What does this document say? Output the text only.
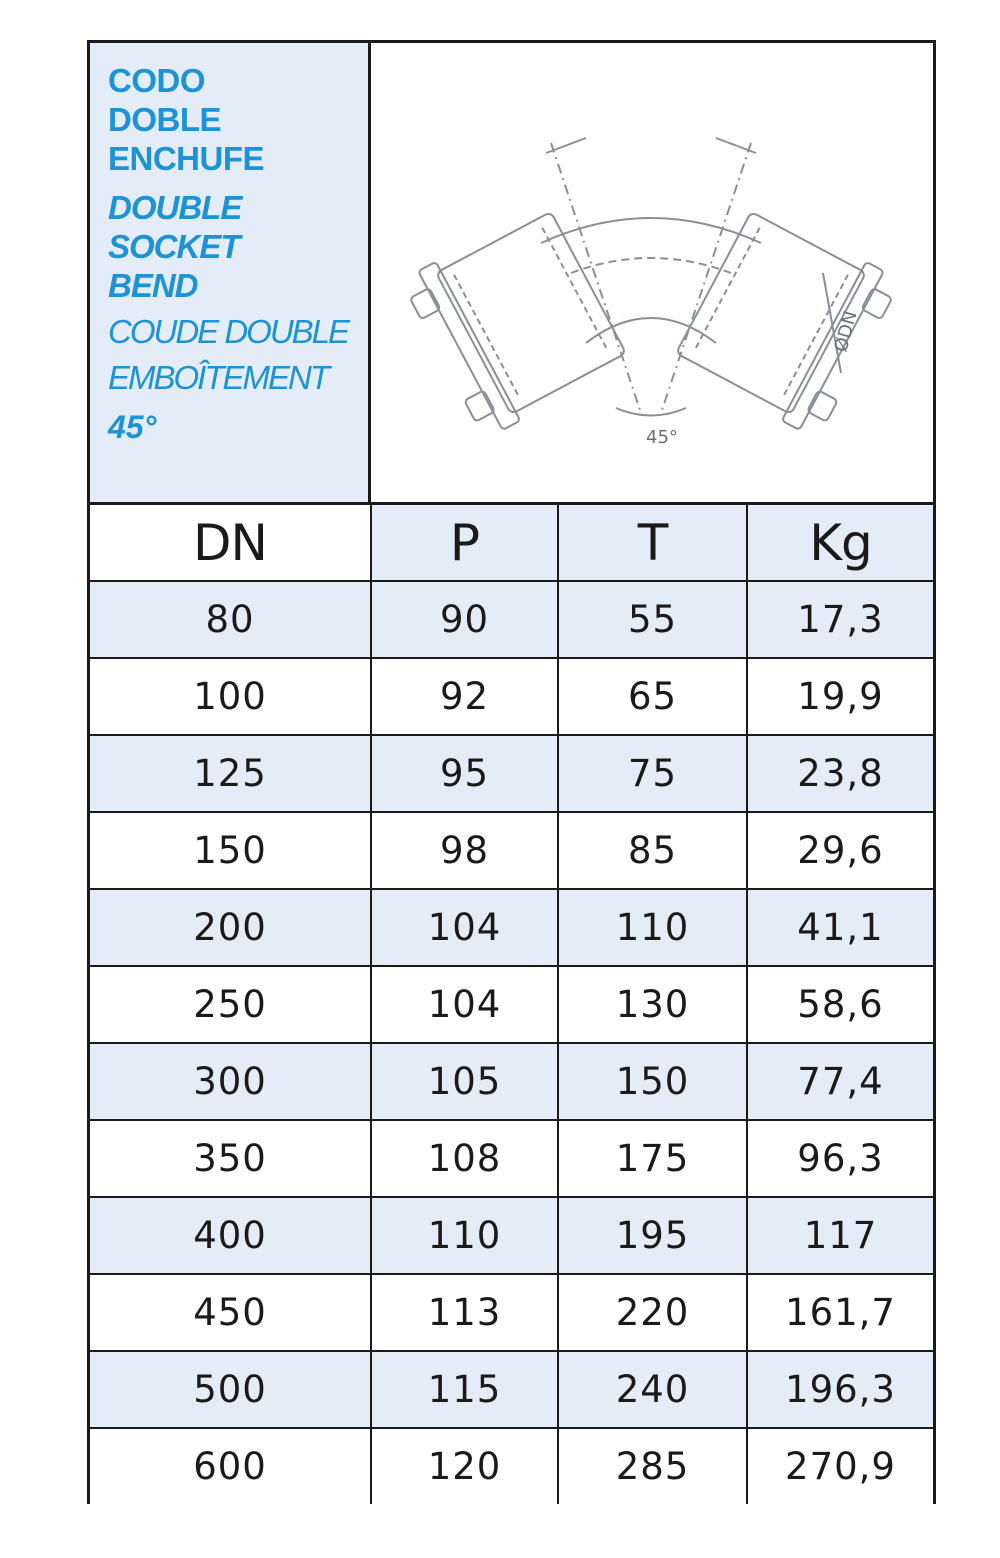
CODO
DOBLE
ENCHUFE
DOUBLE
SOCKET
BEND
COUDE DOUBLE
EMBOÎTEMENT
45°	45°
ØDN
DN	P	T	Kg
80	90	55	17,3
100	92	65	19,9
125	95	75	23,8
150	98	85	29,6
200	104	110	41,1
250	104	130	58,6
300	105	150	77,4
350	108	175	96,3
400	110	195	117
450	113	220	161,7
500	115	240	196,3
600	120	285	270,9
